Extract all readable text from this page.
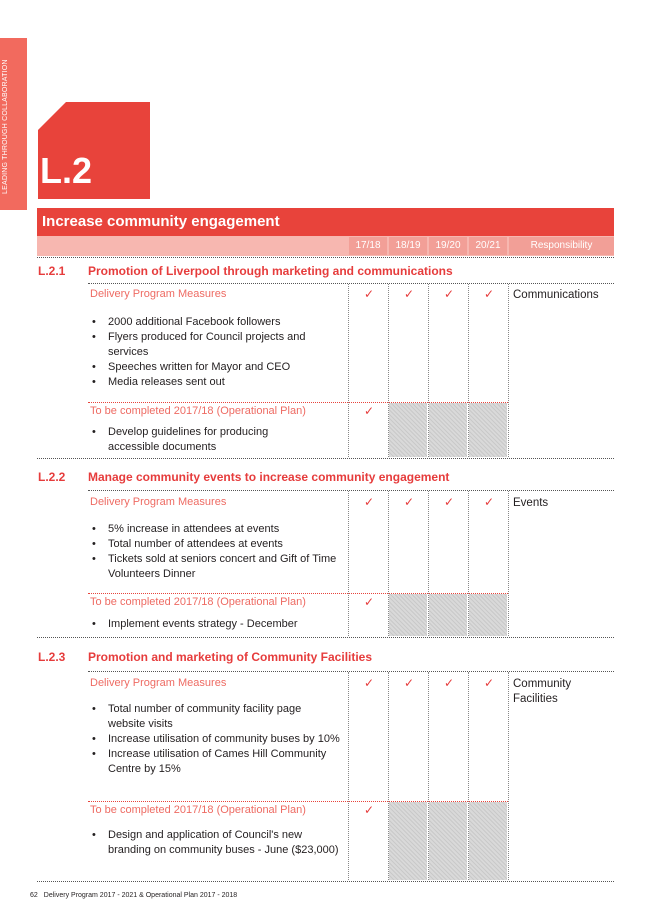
LEADING THROUGH COLLABORATION L.2
Increase community engagement
17/18	18/19	19/20	20/21	Responsibility
L.2.1 Promotion of Liverpool through marketing and communications
Delivery Program Measures	✓	✓	✓	✓	Communications
• 2000 additional Facebook followers
• Flyers produced for Council projects and services
• Speeches written for Mayor and CEO
• Media releases sent out
To be completed 2017/18 (Operational Plan)	✓
• Develop guidelines for producing accessible documents
L.2.2 Manage community events to increase community engagement
Delivery Program Measures	✓	✓	✓	✓	Events
• 5% increase in attendees at events
• Total number of attendees at events
• Tickets sold at seniors concert and Gift of Time Volunteers Dinner
To be completed 2017/18 (Operational Plan)	✓
• Implement events strategy - December
L.2.3 Promotion and marketing of Community Facilities
Delivery Program Measures	✓	✓	✓	✓	Community Facilities
• Total number of community facility page website visits
• Increase utilisation of community buses by 10%
• Increase utilisation of Cames Hill Community Centre by 15%
To be completed 2017/18 (Operational Plan)	✓
• Design and application of Council's new branding on community buses - June ($23,000)
62 Delivery Program 2017 - 2021 & Operational Plan 2017 - 2018
